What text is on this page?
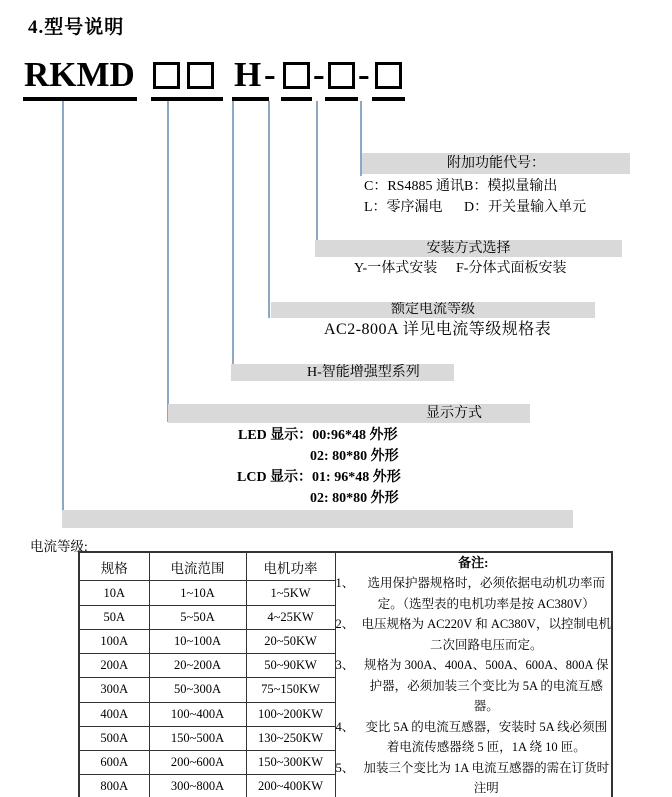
4.型号说明
RKMD	H - - -
附加功能代号：
C：RS4885 通讯 B：模拟量输出
L：零序漏电 D：开关量输入单元
安装方式选择
Y-一体式安装 F-分体式面板安装
额定电流等级
AC2-800A 详见电流等级规格表
H-智能增强型系列
显示方式
LED 显示：00:96*48 外形
02: 80*80 外形
LCD 显示：01: 96*48 外形
02: 80*80 外形
电流等级:
规格	电流范围	电机功率	备注:
1、 选用保护器规格时，必须依据电动机功率而定。（选型表的电机功率是按 AC380V）
2、 电压规格为 AC220V 和 AC380V，以控制电机二次回路电压而定。
3、 规格为 300A、400A、500A、600A、800A 保护器，必须加装三个变比为 5A 的电流互感器。
4、 变比 5A 的电流互感器，安装时 5A 线必须围着电流传感器绕 5 匝，1A 绕 10 匝。
5、 加装三个变比为 1A 电流互感器的需在订货时注明

10A	1~10A	1~5KW	
50A	5~50A	4~25KW	
100A	10~100A	20~50KW	
200A	20~200A	50~90KW	
300A	50~300A	75~150KW	
400A	100~400A	100~200KW	
500A	150~500A	130~250KW	
600A	200~600A	150~300KW	
800A	300~800A	200~400KW	
